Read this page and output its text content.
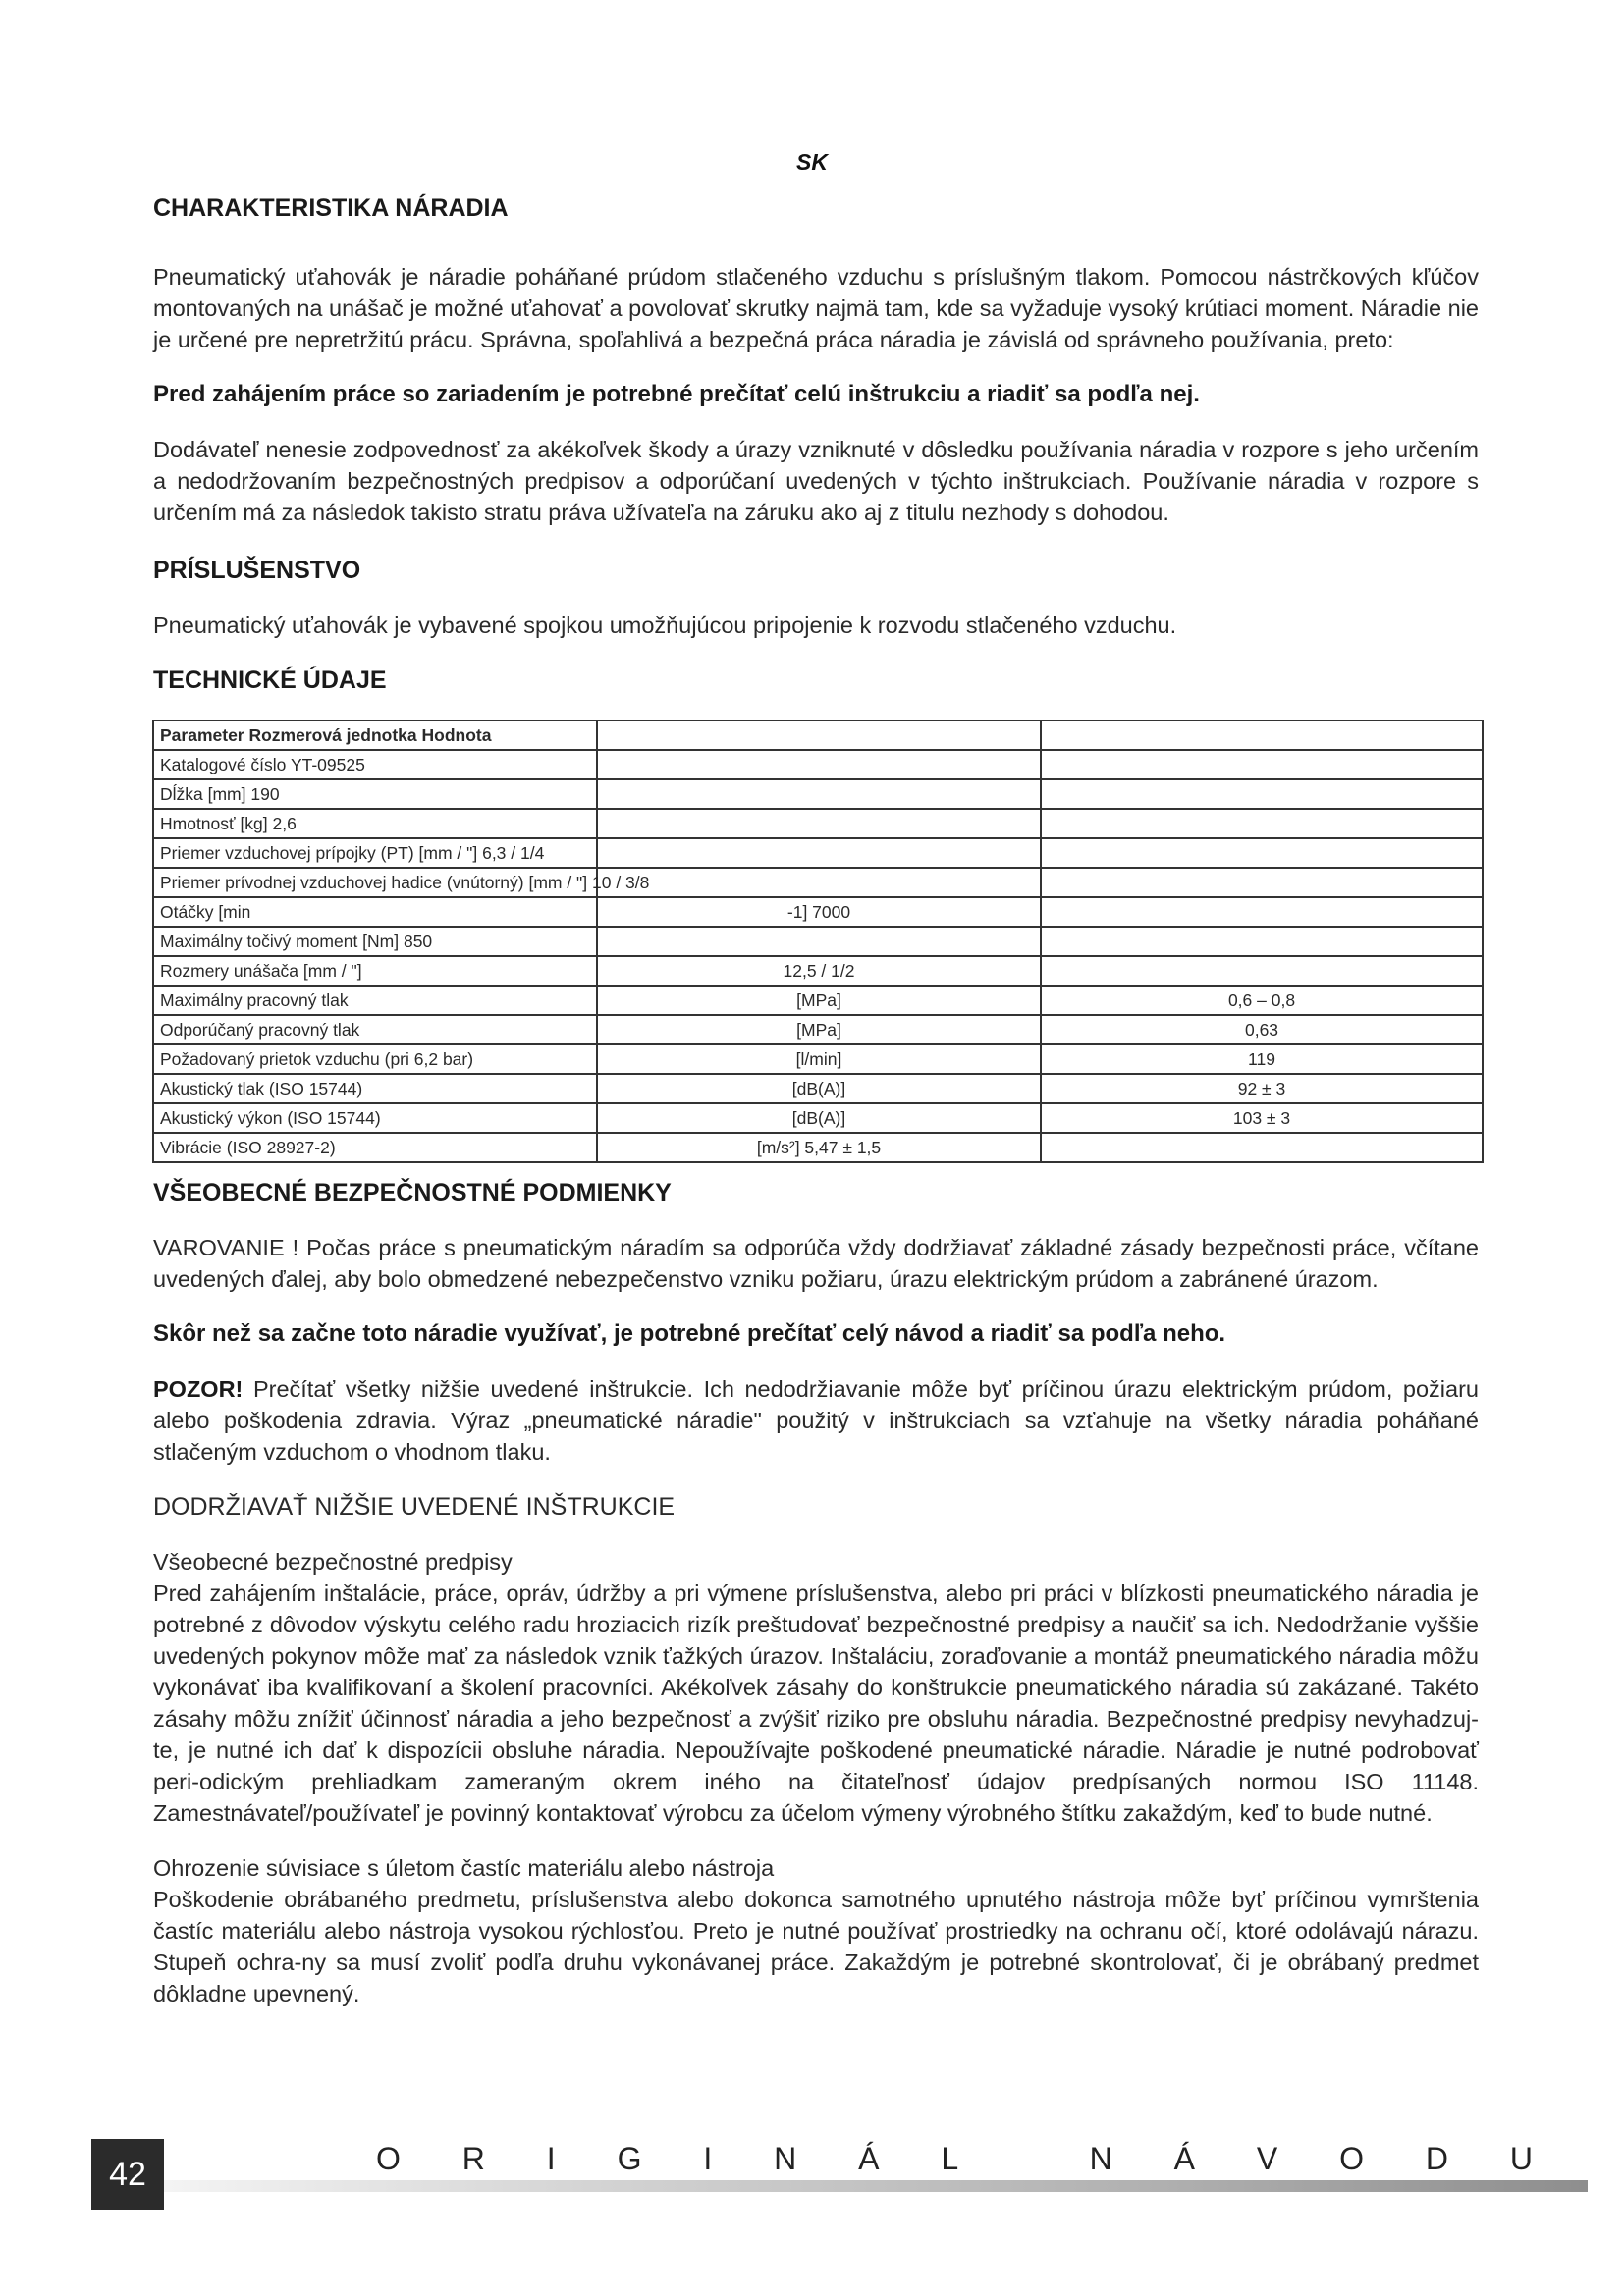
SK
CHARAKTERISTIKA NÁRADIA

Pneumatický uťahovák je náradie poháňané prúdom stlačeného vzduchu s príslušným tlakom. Pomocou nástrčkových kľúčov montovaných na unášač je možné uťahovať a povolovať skrutky najmä tam, kde sa vyžaduje vysoký krútiaci moment. Náradie nie je určené pre nepretržitú prácu. Správna, spoľahlivá a bezpečná práca náradia je závislá od správneho používania, preto:

Pred zahájením práce so zariadením je potrebné prečítať celú inštrukciu a riadiť sa podľa nej.

Dodávateľ nenesie zodpovednosť za akékoľvek škody a úrazy vzniknuté v dôsledku používania náradia v rozpore s jeho určením a nedodržovaním bezpečnostných predpisov a odporúčaní uvedených v týchto inštrukciach. Používanie náradia v rozpore s určením má za následok takisto stratu práva užívateľa na záruku ako aj z titulu nezhody s dohodou.

PRÍSLUŠENSTVO

Pneumatický uťahovák je vybavené spojkou umožňujúcou pripojenie k rozvodu stlačeného vzduchu.

TECHNICKÉ ÚDAJE
Parameter Rozmerová jednotka Hodnota		
Katalogové číslo YT-09525		
Dĺžka [mm] 190		
Hmotnosť [kg] 2,6		
Priemer vzduchovej prípojky (PT) [mm / "] 6,3 / 1/4		
Priemer prívodnej vzduchovej hadice (vnútorný) [mm / "] 10 / 3/8		
Otáčky [min	-1] 7000	
Maximálny točivý moment [Nm] 850		
Rozmery unášača [mm / "]	12,5 / 1/2	
Maximálny pracovný tlak	[MPa]	0,6 – 0,8
Odporúčaný pracovný tlak	[MPa]	0,63
Požadovaný prietok vzduchu (pri 6,2 bar)	[l/min]	119
Akustický tlak (ISO 15744)	[dB(A)]	92 ± 3
Akustický výkon (ISO 15744)	[dB(A)]	103 ± 3
Vibrácie (ISO 28927-2)	[m/s²] 5,47 ± 1,5	
VŠEOBECNÉ BEZPEČNOSTNÉ PODMIENKY

VAROVANIE ! Počas práce s pneumatickým náradím sa odporúča vždy dodržiavať základné zásady bezpečnosti práce, včítane uvedených ďalej, aby bolo obmedzené nebezpečenstvo vzniku požiaru, úrazu elektrickým prúdom a zabránené úrazom.

Skôr než sa začne toto náradie využívať, je potrebné prečítať celý návod a riadiť sa podľa neho.

POZOR! Prečítať všetky nižšie uvedené inštrukcie. Ich nedodržiavanie môže byť príčinou úrazu elektrickým prúdom, požiaru alebo poškodenia zdravia. Výraz „pneumatické náradie" použitý v inštrukciach sa vzťahuje na všetky náradia poháňané stlačeným vzduchom o vhodnom tlaku.

DODRŽIAVAŤ NIŽŠIE UVEDENÉ INŠTRUKCIE
Všeobecné bezpečnostné predpisy

Pred zahájením inštalácie, práce, opráv, údržby a pri výmene príslušenstva, alebo pri práci v blízkosti pneumatického náradia je potrebné z dôvodov výskytu celého radu hroziacich rizík preštudovať bezpečnostné predpisy a naučiť sa ich. Nedodržanie vyššie uvedených pokynov môže mať za následok vznik ťažkých úrazov. Inštaláciu, zoraďovanie a montáž pneumatického náradia môžu vykonávať iba kvalifikovaní a školení pracovníci. Akékoľvek zásahy do konštrukcie pneumatického náradia sú zakázané. Takéto zásahy môžu znížiť účinnosť náradia a jeho bezpečnosť a zvýšiť riziko pre obsluhu náradia. Bezpečnostné predpisy nevyhadzuj-te, je nutné ich dať k dispozícii obsluhe náradia. Nepoužívajte poškodené pneumatické náradie. Náradie je nutné podrobovať peri-odickým prehliadkam zameraným okrem iného na čitateľnosť údajov predpísaných normou ISO 11148. Zamestnávateľ/používateľ je povinný kontaktovať výrobcu za účelom výmeny výrobného štítku zakaždým, keď to bude nutné.

Ohrozenie súvisiace s úletom častíc materiálu alebo nástroja

Poškodenie obrábaného predmetu, príslušenstva alebo dokonca samotného upnutého nástroja môže byť príčinou vymrštenia častíc materiálu alebo nástroja vysokou rýchlosťou. Preto je nutné používať prostriedky na ochranu očí, ktoré odolávajú nárazu. Stupeň ochra-ny sa musí zvoliť podľa druhu vykonávanej práce. Zakaždým je potrebné skontrolovať, či je obrábaný predmet dôkladne upevnený.

42	O R I G I N Á L   N Á V O D U
